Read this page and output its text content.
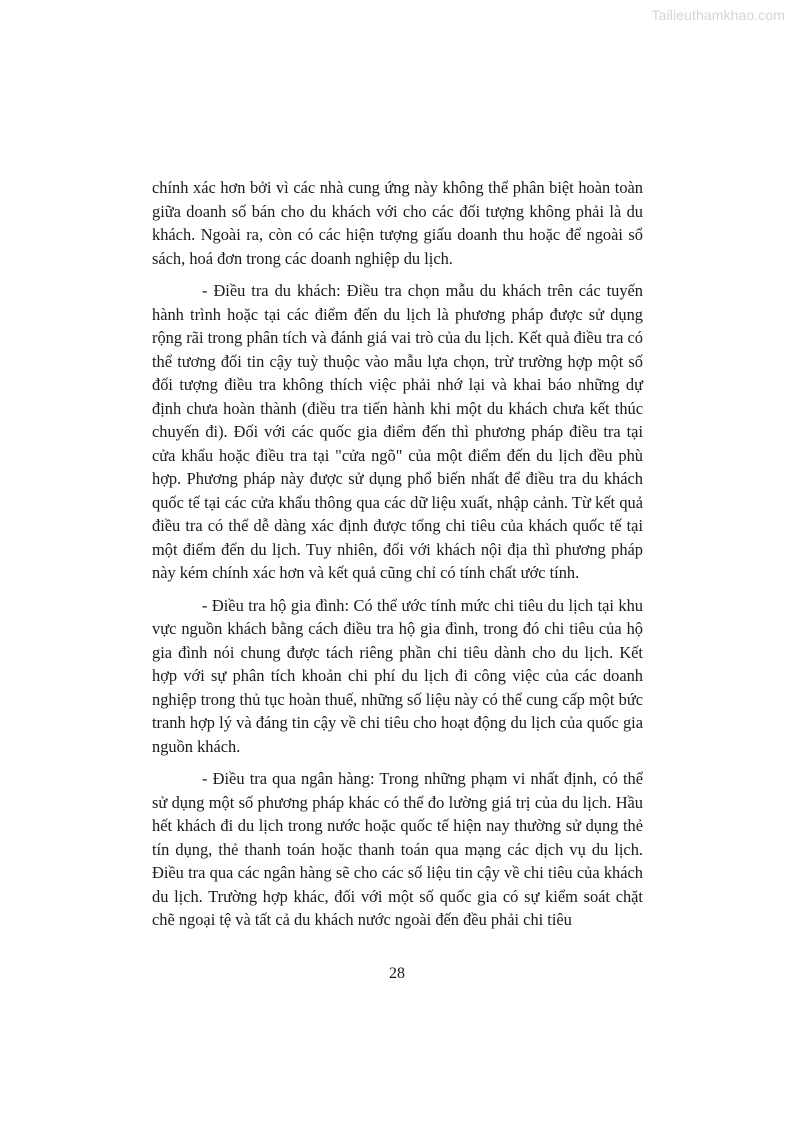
Tailieuthamkhao.com

chính xác hơn bởi vì các nhà cung ứng này không thể phân biệt hoàn toàn giữa doanh số bán cho du khách với cho các đối tượng không phải là du khách. Ngoài ra, còn có các hiện tượng giấu doanh thu hoặc để ngoài sổ sách, hoá đơn trong các doanh nghiệp du lịch.

- Điều tra du khách: Điều tra chọn mẫu du khách trên các tuyến hành trình hoặc tại các điểm đến du lịch là phương pháp được sử dụng rộng rãi trong phân tích và đánh giá vai trò của du lịch. Kết quả điều tra có thể tương đối tin cậy tuỳ thuộc vào mẫu lựa chọn, trừ trường hợp một số đối tượng điều tra không thích việc phải nhớ lại và khai báo những dự định chưa hoàn thành (điều tra tiến hành khi một du khách chưa kết thúc chuyến đi). Đối với các quốc gia điểm đến thì phương pháp điều tra tại cửa khẩu hoặc điều tra tại "cửa ngõ" của một điểm đến du lịch đều phù hợp. Phương pháp này được sử dụng phổ biến nhất để điều tra du khách quốc tế tại các cửa khẩu thông qua các dữ liệu xuất, nhập cảnh. Từ kết quả điều tra có thể dễ dàng xác định được tổng chi tiêu của khách quốc tế tại một điểm đến du lịch. Tuy nhiên, đối với khách nội địa thì phương pháp này kém chính xác hơn và kết quả cũng chỉ có tính chất ước tính.

- Điều tra hộ gia đình: Có thể ước tính mức chi tiêu du lịch tại khu vực nguồn khách bằng cách điều tra hộ gia đình, trong đó chi tiêu của hộ gia đình nói chung được tách riêng phần chi tiêu dành cho du lịch. Kết hợp với sự phân tích khoản chi phí du lịch đi công việc của các doanh nghiệp trong thủ tục hoàn thuế, những số liệu này có thể cung cấp một bức tranh hợp lý và đáng tin cậy về chi tiêu cho hoạt động du lịch của quốc gia nguồn khách.

- Điều tra qua ngân hàng: Trong những phạm vi nhất định, có thể sử dụng một số phương pháp khác có thể đo lường giá trị của du lịch. Hầu hết khách đi du lịch trong nước hoặc quốc tế hiện nay thường sử dụng thẻ tín dụng, thẻ thanh toán hoặc thanh toán qua mạng các dịch vụ du lịch. Điều tra qua các ngân hàng sẽ cho các số liệu tin cậy về chi tiêu của khách du lịch. Trường hợp khác, đối với một số quốc gia có sự kiểm soát chặt chẽ ngoại tệ và tất cả du khách nước ngoài đến đều phải chi tiêu

28
